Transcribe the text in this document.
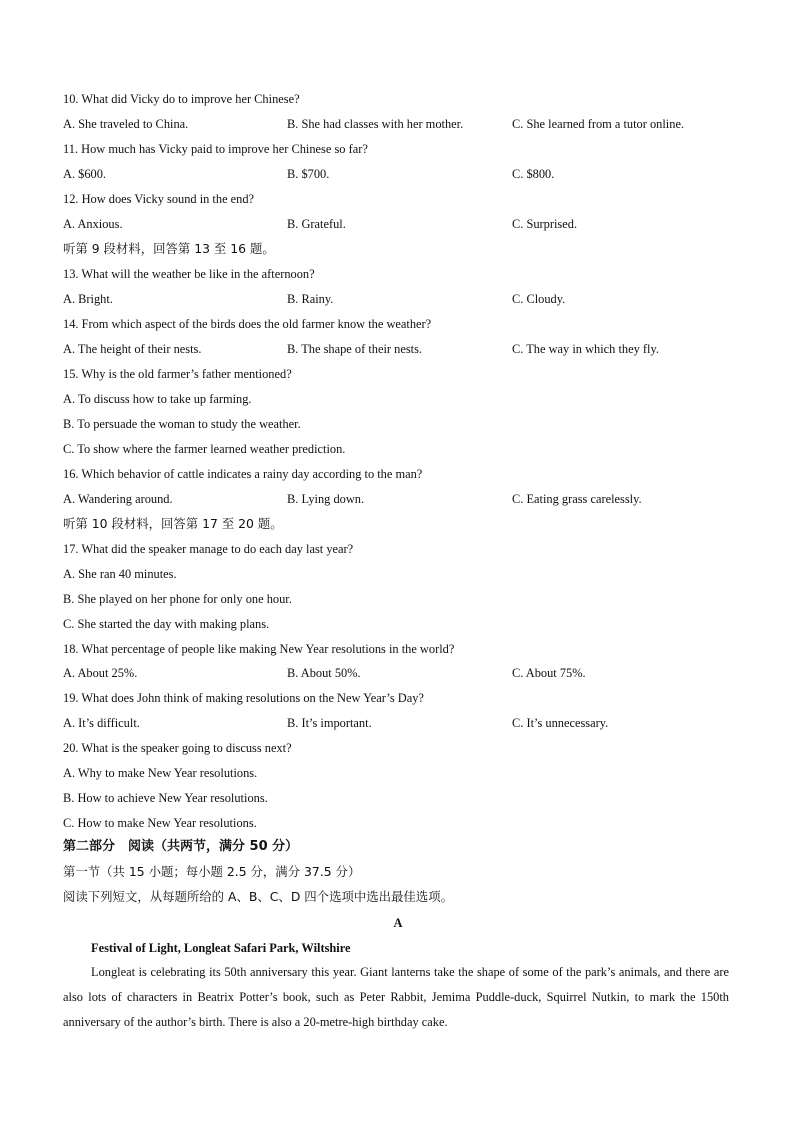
10. What did Vicky do to improve her Chinese?
A. She traveled to China.	B. She had classes with her mother.	C. She learned from a tutor online.
11. How much has Vicky paid to improve her Chinese so far?
A. $600.	B. $700.	C. $800.
12. How does Vicky sound in the end?
A. Anxious.	B. Grateful.	C. Surprised.
听第 9 段材料，回答第 13 至 16 题。
13. What will the weather be like in the afternoon?
A. Bright.	B. Rainy.	C. Cloudy.
14. From which aspect of the birds does the old farmer know the weather?
A. The height of their nests.	B. The shape of their nests.	C. The way in which they fly.
15. Why is the old farmer’s father mentioned?
A. To discuss how to take up farming.
B. To persuade the woman to study the weather.
C. To show where the farmer learned weather prediction.
16. Which behavior of cattle indicates a rainy day according to the man?
A. Wandering around.	B. Lying down.	C. Eating grass carelessly.
听第 10 段材料，回答第 17 至 20 题。
17. What did the speaker manage to do each day last year?
A. She ran 40 minutes.
B. She played on her phone for only one hour.
C. She started the day with making plans.
18. What percentage of people like making New Year resolutions in the world?
A. About 25%.	B. About 50%.	C. About 75%.
19. What does John think of making resolutions on the New Year’s Day?
A. It’s difficult.	B. It’s important.	C. It’s unnecessary.
20. What is the speaker going to discuss next?
A. Why to make New Year resolutions.
B. How to achieve New Year resolutions.
C. How to make New Year resolutions.
第二部分　阅读（共两节，满分 50 分）
第一节（共 15 小题；每小题 2.5 分，满分 37.5 分）
阅读下列短文，从每题所给的 A、B、C、D 四个选项中选出最佳选项。
A
Festival of Light, Longleat Safari Park, Wiltshire
Longleat is celebrating its 50th anniversary this year. Giant lanterns take the shape of some of the park’s animals, and there are also lots of characters in Beatrix Potter’s book, such as Peter Rabbit, Jemima Puddle-duck, Squirrel Nutkin, to mark the 150th anniversary of the author’s birth. There is also a 20-metre-high birthday cake.
